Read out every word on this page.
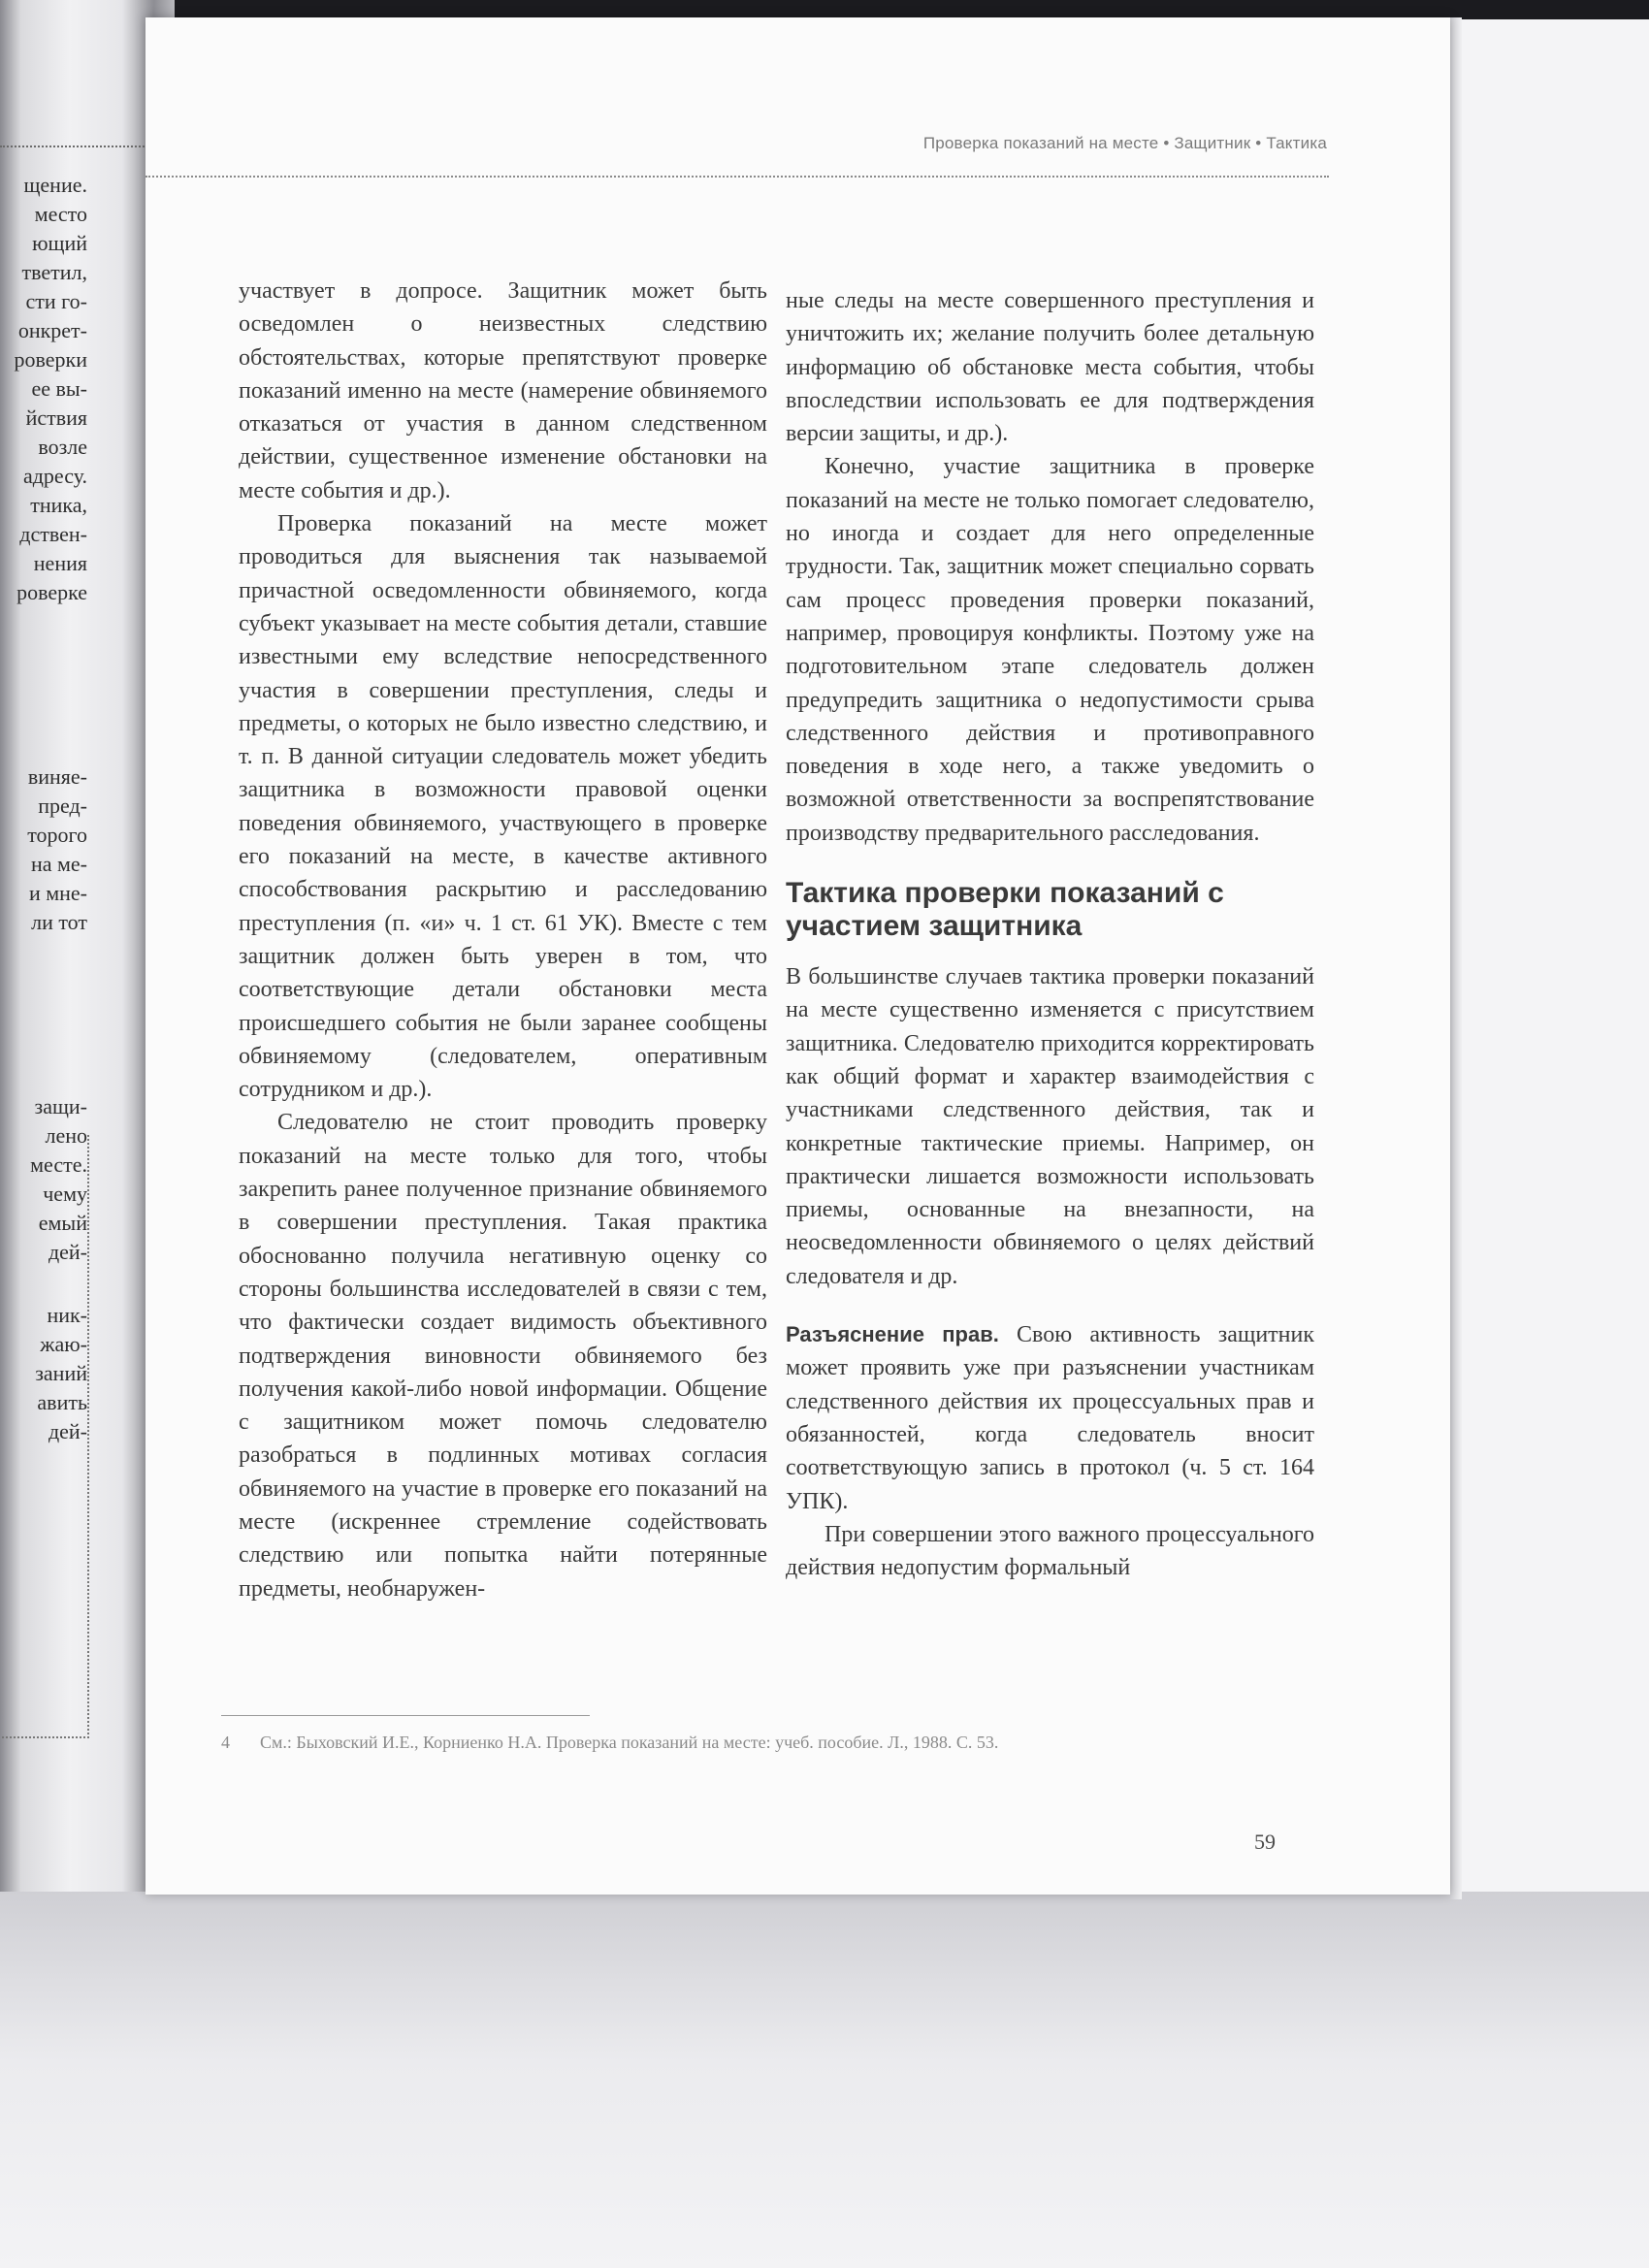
щение.
место
ющий
тветил,
сти го-
онкрет-
роверки
ее вы-
йствия
возле
адресу.
тника,
дствен-
нения
роверке
виняе-
пред-
торого
на ме-
и мне-
ли тот
защи-
лено
месте.
чему
емый
дей-
ник-
жаю-
заний
авить
дей-
Проверка показаний на месте • Защитник • Тактика

участвует в допросе. Защитник может быть осведомлен о неизвестных следствию обстоятельствах, которые препятствуют проверке показаний именно на месте (намерение обвиняемого отказаться от участия в данном следственном действии, существенное изменение обстановки на месте события и др.).

Проверка показаний на месте может проводиться для выяснения так называемой причастной осведомленности обвиняемого, когда субъект указывает на месте события детали, ставшие известными ему вследствие непосредственного участия в совершении преступления, следы и предметы, о которых не было известно следствию, и т. п. В данной ситуации следователь может убедить защитника в возможности правовой оценки поведения обвиняемого, участвующего в проверке его показаний на месте, в качестве активного способствования раскрытию и расследованию преступления (п. «и» ч. 1 ст. 61 УК). Вместе с тем защитник должен быть уверен в том, что соответствующие детали обстановки места происшедшего события не были заранее сообщены обвиняемому (следователем, оперативным сотрудником и др.).

Следователю не стоит проводить проверку показаний на месте только для того, чтобы закрепить ранее полученное признание обвиняемого в совершении преступления. Такая практика обоснованно получила негативную оценку со стороны большинства исследователей в связи с тем, что фактически создает видимость объективного подтверждения виновности обвиняемого без получения какой-либо новой информации. Общение с защитником может помочь следователю разобраться в подлинных мотивах согласия обвиняемого на участие в проверке его показаний на месте (искреннее стремление содействовать следствию или попытка найти потерянные предметы, необнаружен-

ные следы на месте совершенного преступления и уничтожить их; желание получить более детальную информацию об обстановке места события, чтобы впоследствии использовать ее для подтверждения версии защиты, и др.).

Конечно, участие защитника в проверке показаний на месте не только помогает следователю, но иногда и создает для него определенные трудности. Так, защитник может специально сорвать сам процесс проведения проверки показаний, например, провоцируя конфликты. Поэтому уже на подготовительном этапе следователь должен предупредить защитника о недопустимости срыва следственного действия и противоправного поведения в ходе него, а также уведомить о возможной ответственности за воспрепятствование производству предварительного расследования.

Тактика проверки показаний с участием защитника

В большинстве случаев тактика проверки показаний на месте существенно изменяется с присутствием защитника. Следователю приходится корректировать как общий формат и характер взаимодействия с участниками следственного действия, так и конкретные тактические приемы. Например, он практически лишается возможности использовать приемы, основанные на внезапности, на неосведомленности обвиняемого о целях действий следователя и др.

Разъяснение прав. Свою активность защитник может проявить уже при разъяснении участникам следственного действия их процессуальных прав и обязанностей, когда следователь вносит соответствующую запись в протокол (ч. 5 ст. 164 УПК).

При совершении этого важного процессуального действия недопустим формальный

4 См.: Быховский И.Е., Корниенко Н.А. Проверка показаний на месте: учеб. пособие. Л., 1988. С. 53.
59
